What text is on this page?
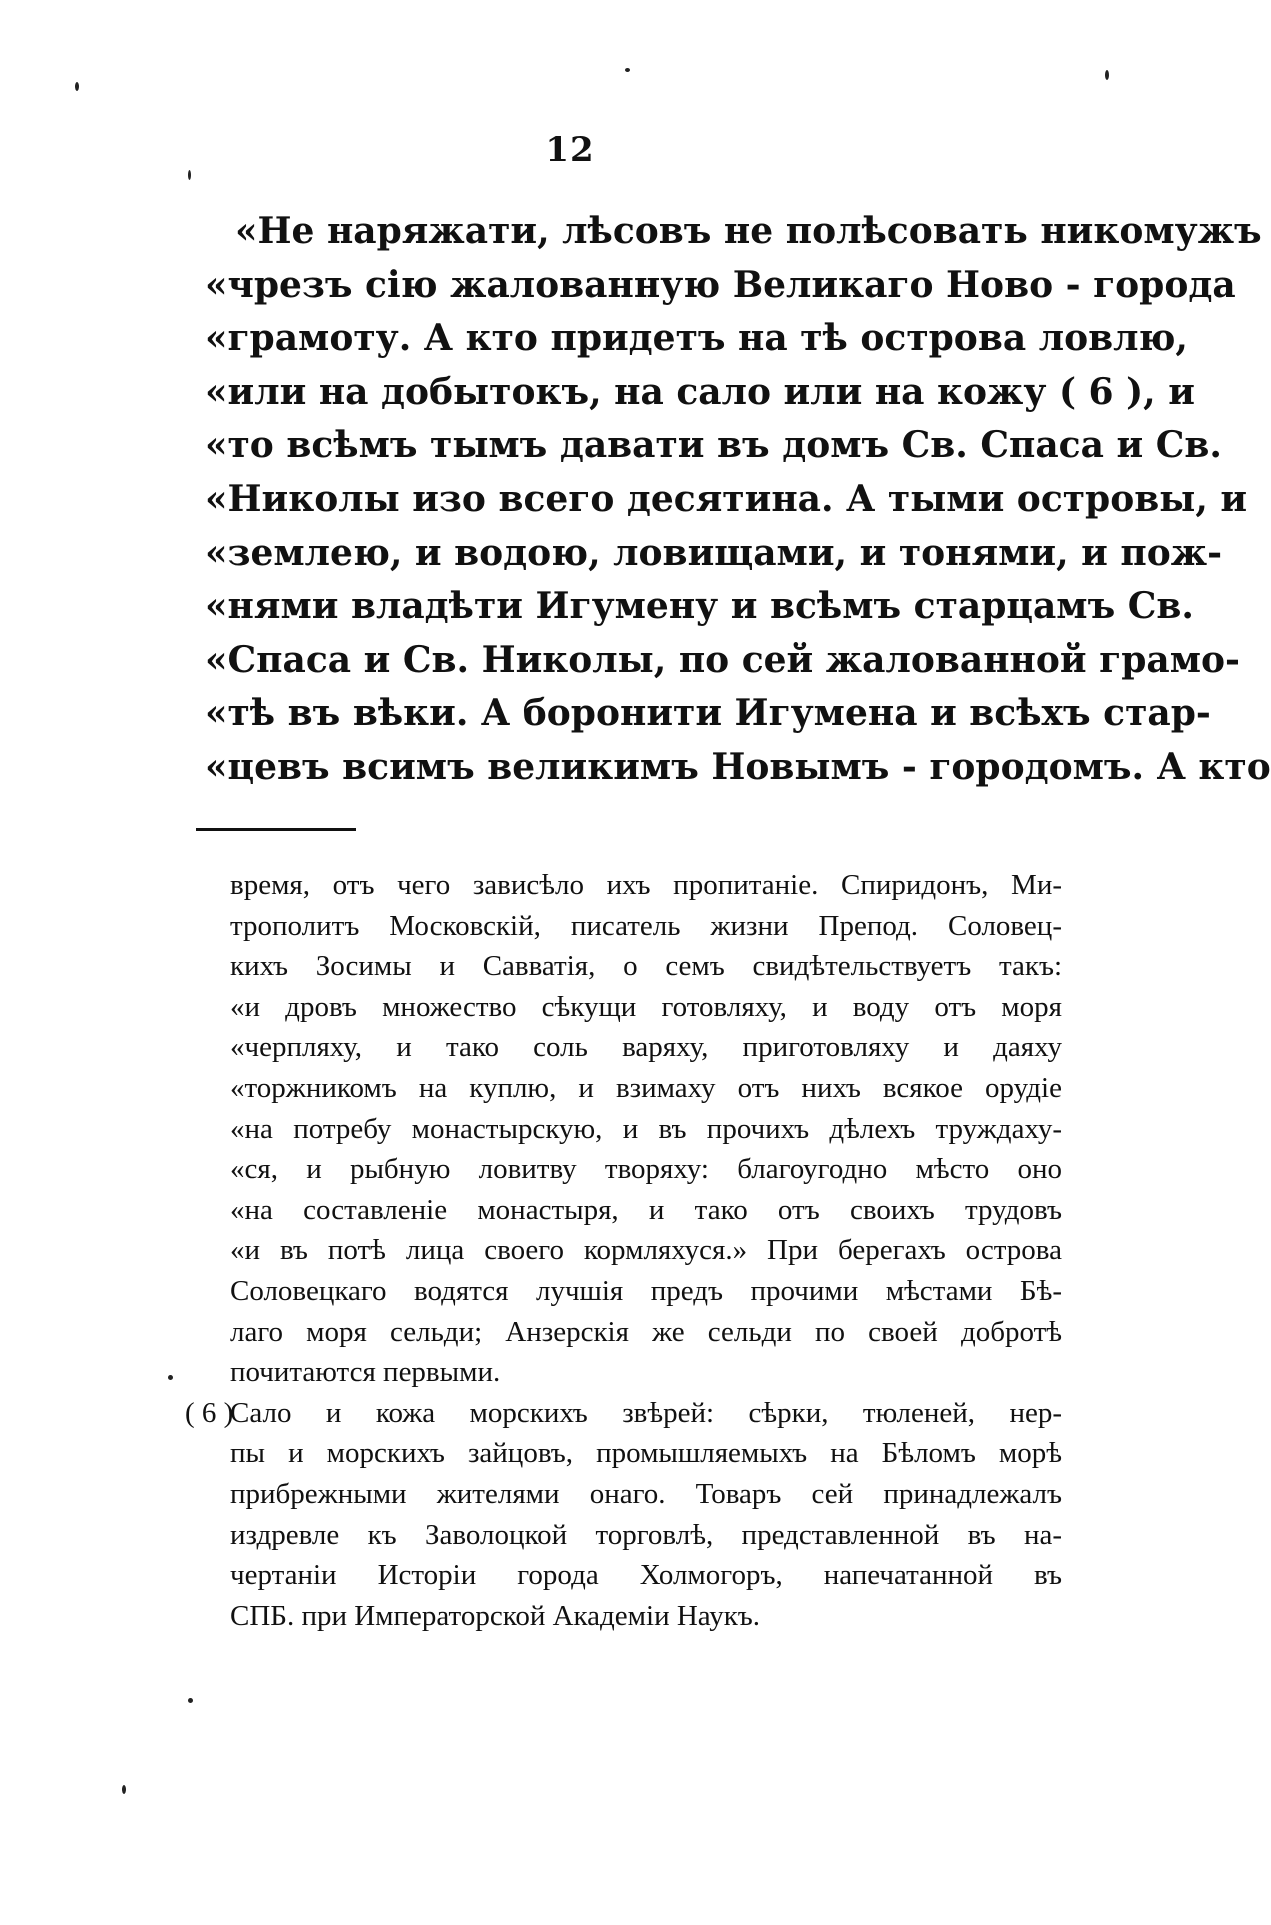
12
«Не наряжати, лѣсовъ не полѣсовать никомужъ
«чрезъ сію жалованную Великаго Ново - города
«грамоту. А кто придетъ на тѣ острова ловлю,
«или на добытокъ, на сало или на кожу ( 6 ), и
«то всѣмъ тымъ давати въ домъ Св. Спаса и Св.
«Николы изо всего десятина. А тыми островы, и
«землею, и водою, ловищами, и тонями, и пож-
«нями владѣти Игумену и всѣмъ старцамъ Св.
«Спаса и Св. Николы, по сей жалованной грамо-
«тѣ въ вѣки. А боронити Игумена и всѣхъ стар-
«цевъ всимъ великимъ Новымъ - городомъ. А кто
время, отъ чего зависѣло ихъ пропитаніе. Спиридонъ, Ми-
трополитъ Московскій, писатель жизни Препод. Соловец-
кихъ Зосимы и Савватія, о семъ свидѣтельствуетъ такъ:
«и дровъ множество сѣкущи готовляху, и воду отъ моря
«черпляху, и тако соль варяху, приготовляху и даяху
«торжникомъ на куплю, и взимаху отъ нихъ всякое орудіе
«на потребу монастырскую, и въ прочихъ дѣлехъ труждаху-
«ся, и рыбную ловитву творяху: благоугодно мѣсто оно
«на составленіе монастыря, и тако отъ своихъ трудовъ
«и въ потѣ лица своего кормляхуся.» При берегахъ острова
Соловецкаго водятся лучшія предъ прочими мѣстами Бѣ-
лаго моря сельди; Анзерскія же сельди по своей добротѣ
почитаются первыми.
( 6 )
Сало и кожа морскихъ звѣрей: сѣрки, тюленей, нер-
пы и морскихъ зайцовъ, промышляемыхъ на Бѣломъ морѣ
прибрежными жителями онаго. Товаръ сей принадлежалъ
издревле къ Заволоцкой торговлѣ, представленной въ на-
чертаніи Исторіи города Холмогоръ, напечатанной въ
СПБ. при Императорской Академіи Наукъ.
